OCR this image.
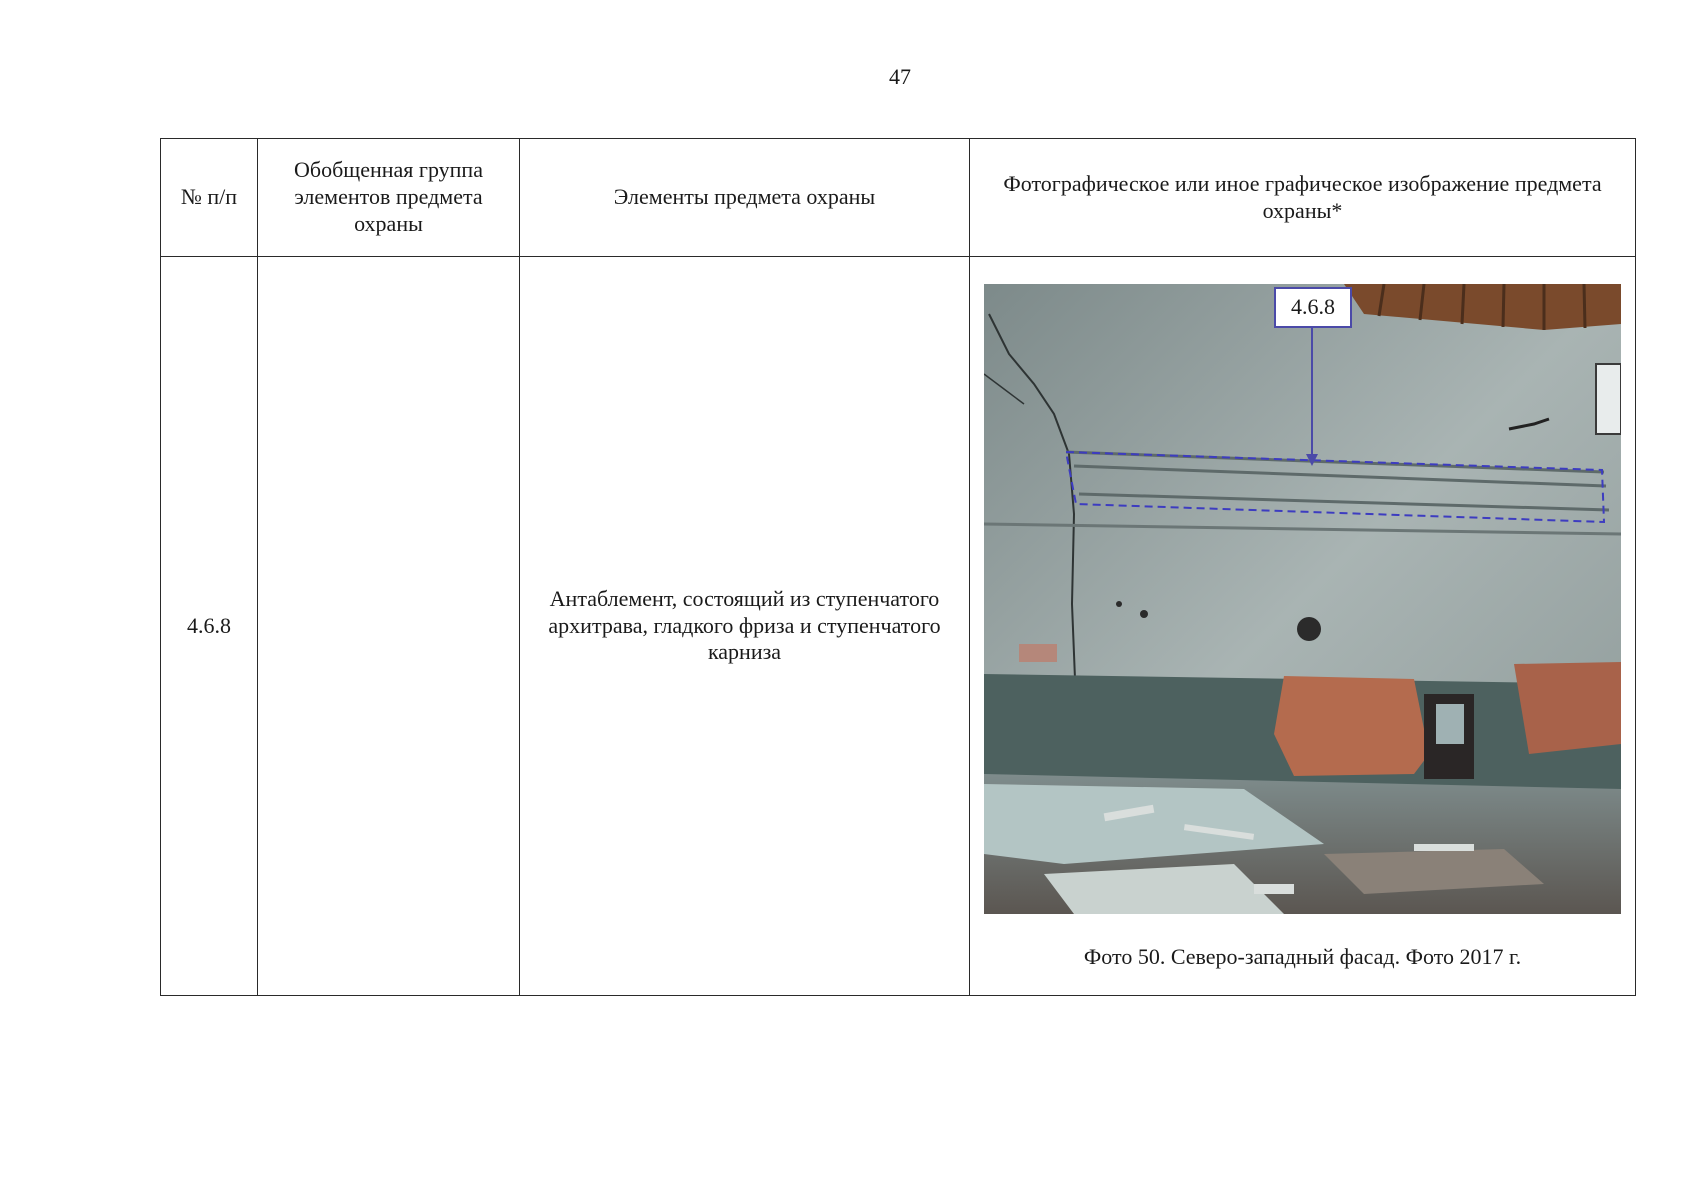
47
№ п/п	Обобщенная группа элементов предмета охраны	Элементы предмета охраны	Фотографическое или иное графическое изображение предмета охраны*
4.6.8		Антаблемент, состоящий из ступенчатого архитрава, гладкого фриза и ступенчатого карниза	4.6.8
Фото 50. Северо-западный фасад. Фото 2017 г.
